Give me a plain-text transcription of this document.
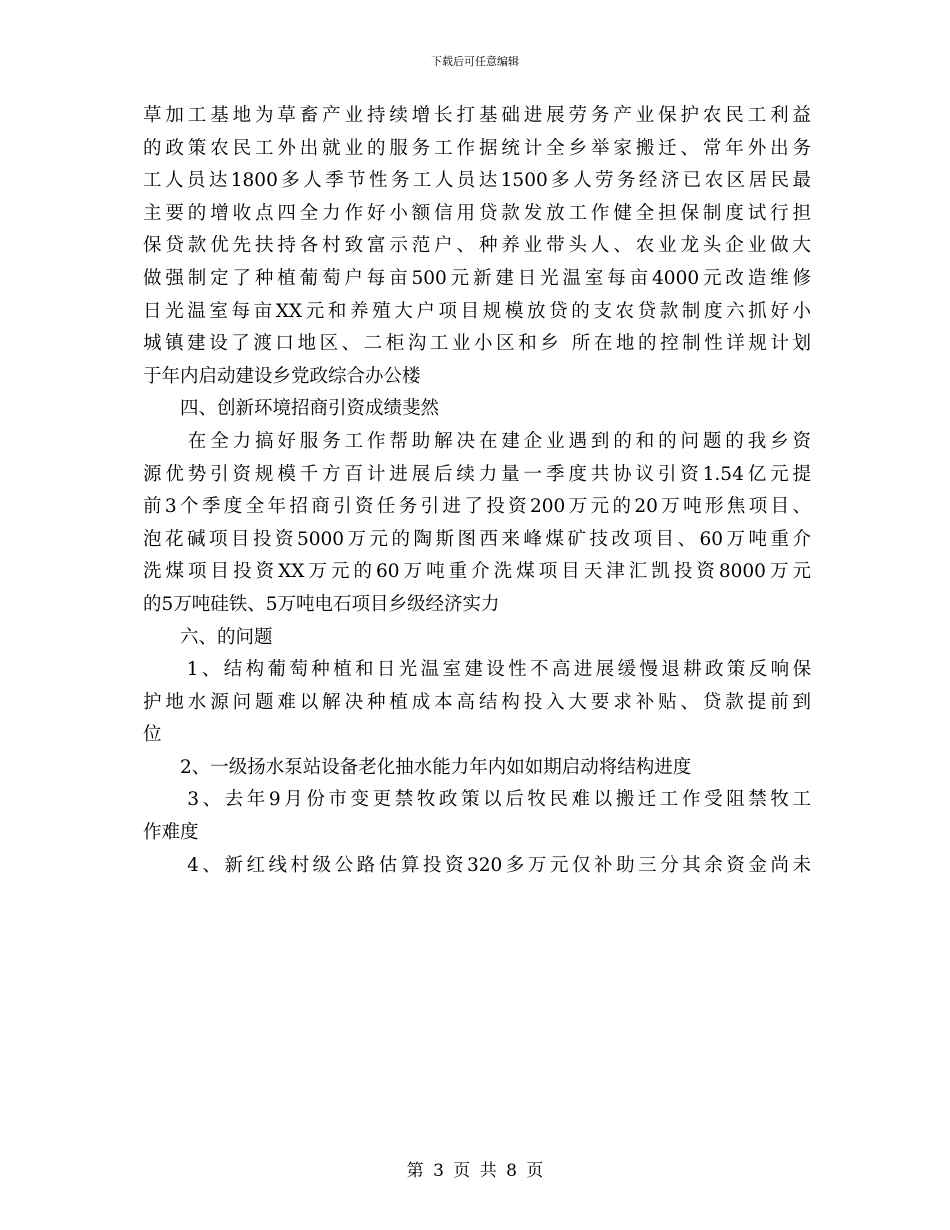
下载后可任意编辑
草加工基地为草畜产业持续增长打基础进展劳务产业保护农民工利益
的政策农民工外出就业的服务工作据统计全乡举家搬迁、常年外出务
工人员达1800多人季节性务工人员达1500多人劳务经济已农区居民最
主要的增收点四全力作好小额信用贷款发放工作健全担保制度试行担
保贷款优先扶持各村致富示范户、种养业带头人、农业龙头企业做大
做强制定了种植葡萄户每亩500元新建日光温室每亩4000元改造维修
日光温室每亩XX元和养殖大户项目规模放贷的支农贷款制度六抓好小
城镇建设了渡口地区、二柜沟工业小区和乡 所在地的控制性详规计划
于年内启动建设乡党政综合办公楼
　　四、创新环境招商引资成绩斐然
　　在全力搞好服务工作帮助解决在建企业遇到的和的问题的我乡资
源优势引资规模千方百计进展后续力量一季度共协议引资1.54亿元提
前3个季度全年招商引资任务引进了投资200万元的20万吨形焦项目、
泡花碱项目投资5000万元的陶斯图西来峰煤矿技改项目、60万吨重介
洗煤项目投资XX万元的60万吨重介洗煤项目天津汇凯投资8000万元
的5万吨硅铁、5万吨电石项目乡级经济实力
　　六、的问题
　　1、结构葡萄种植和日光温室建设性不高进展缓慢退耕政策反响保
护地水源问题难以解决种植成本高结构投入大要求补贴、贷款提前到
位
　　2、一级扬水泵站设备老化抽水能力年内如如期启动将结构进度
　　3、去年9月份市变更禁牧政策以后牧民难以搬迁工作受阻禁牧工
作难度
　　4、新红线村级公路估算投资320多万元仅补助三分其余资金尚未
第 3 页 共 8 页
